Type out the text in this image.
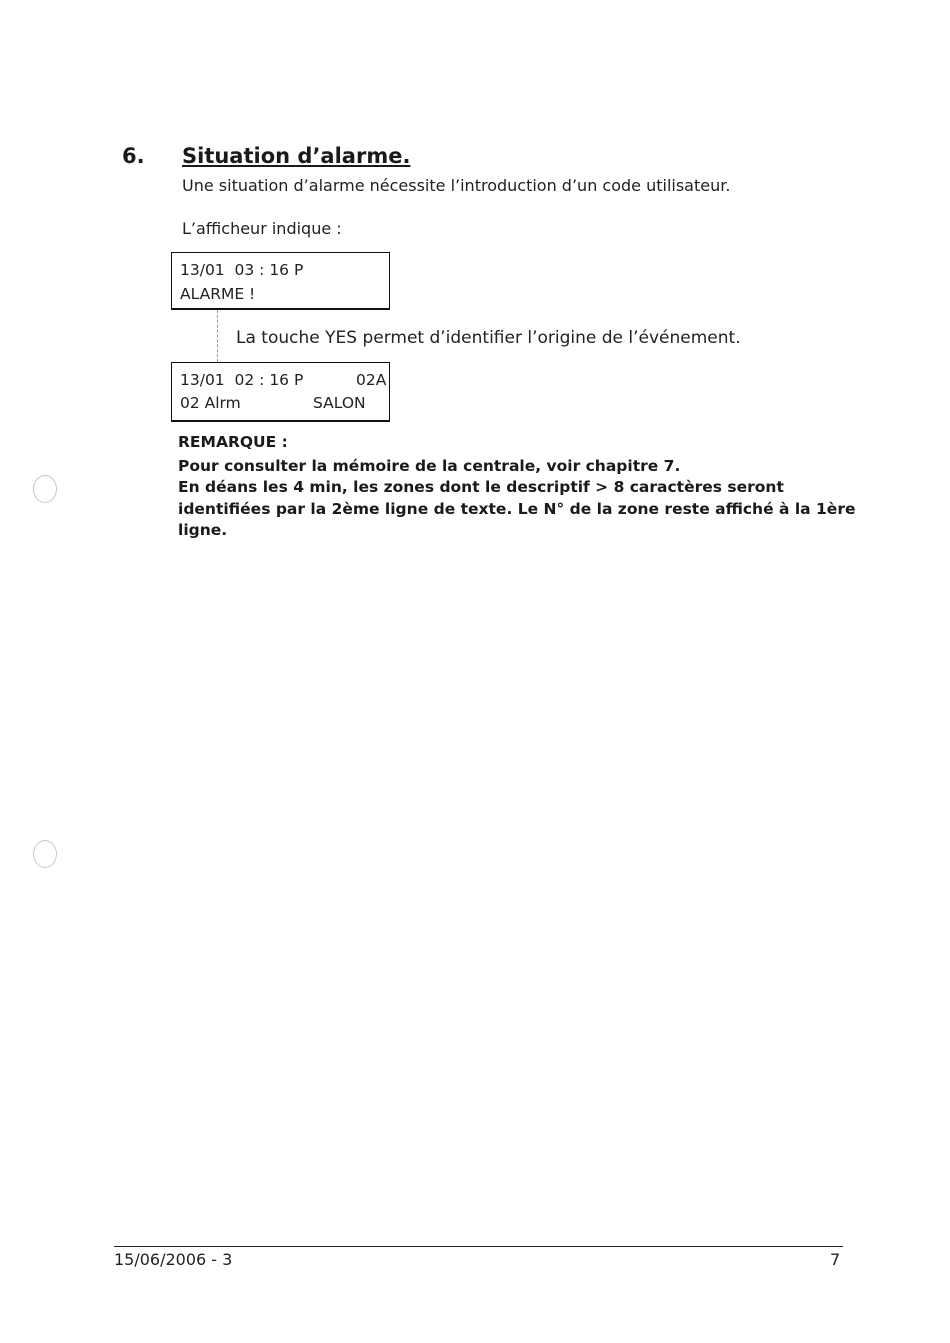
6. Situation d’alarme.
Une situation d’alarme nécessite l’introduction d’un code utilisateur.
L’afficheur indique :
13/01  03 : 16 P
ALARME !
La touche YES permet d’identifier l’origine de l’événement.
13/01  02 : 16 P	02A
02 Alrm	SALON
REMARQUE :
Pour consulter la mémoire de la centrale, voir chapitre 7.
En déans les 4 min, les zones dont le descriptif > 8 caractères seront
identifiées par la 2ème ligne de texte. Le N° de la zone reste affiché à la 1ère
ligne.
15/06/2006 - 3	7
